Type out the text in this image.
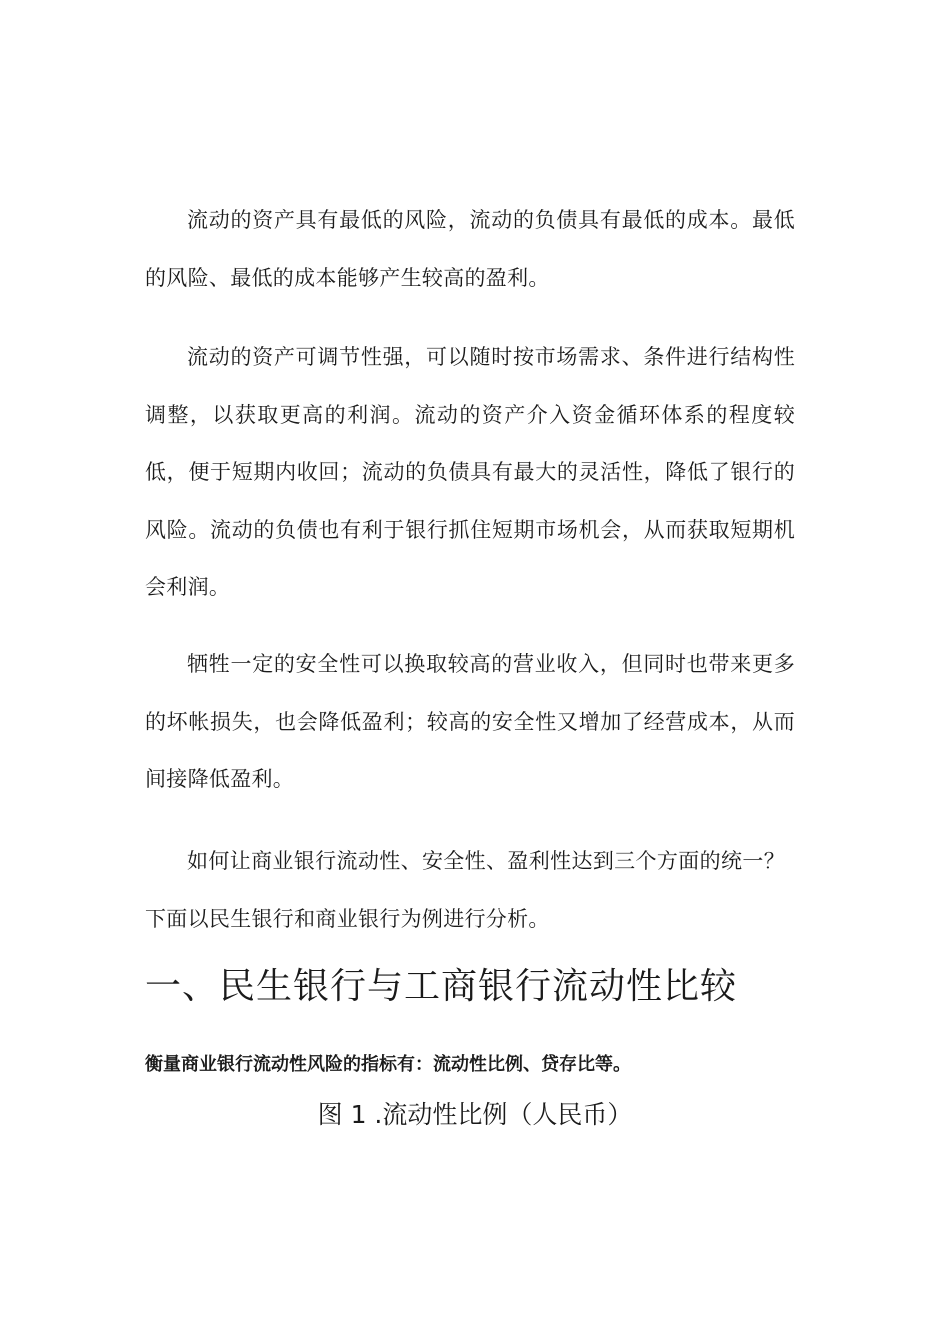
流动的资产具有最低的风险，流动的负债具有最低的成本。最低的风险、最低的成本能够产生较高的盈利。

流动的资产可调节性强，可以随时按市场需求、条件进行结构性调整，以获取更高的利润。流动的资产介入资金循环体系的程度较低，便于短期内收回；流动的负债具有最大的灵活性，降低了银行的风险。流动的负债也有利于银行抓住短期市场机会，从而获取短期机会利润。

牺牲一定的安全性可以换取较高的营业收入，但同时也带来更多的坏帐损失，也会降低盈利；较高的安全性又增加了经营成本，从而间接降低盈利。

如何让商业银行流动性、安全性、盈利性达到三个方面的统一？下面以民生银行和商业银行为例进行分析。

一、民生银行与工商银行流动性比较

衡量商业银行流动性风险的指标有：流动性比例、贷存比等。

图 1 .流动性比例（人民币）
